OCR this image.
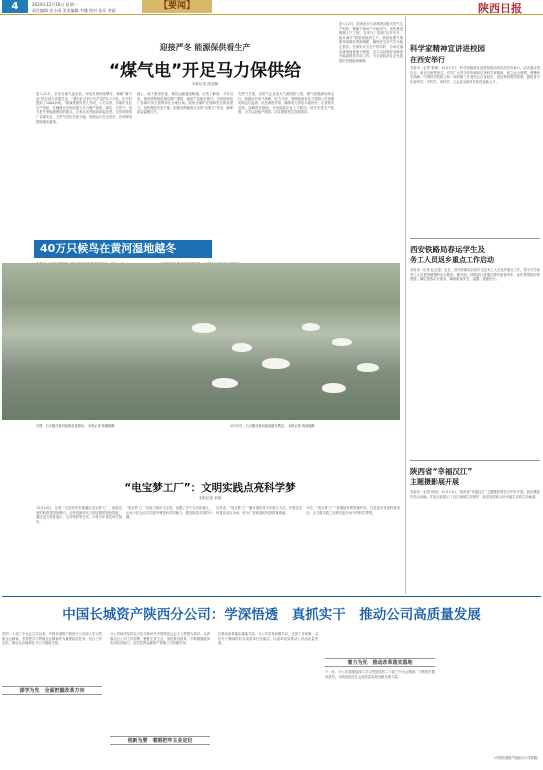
4	2024年12月16日 星期一
责任编辑 龙小雨 美术编辑 韦娜 校对 张乐 李丽	【要闻】	陕西日报
迎接严冬 能源保供看生产
“煤气电”开足马力保供给
本报记者 尚清楠
进入12月，全省各地气温走低，用电负荷持续攀升，保障“煤气电”供应成为首要任务。“我们矿目前日均产量约2.7万吨，比平时提高了1000余吨。”陕煤集团负责人介绍，入冬以来，各煤矿优化生产组织，在确保安全的前提下全力增产保供。煤炭、天然气、电力是冬季能源保供的重点。记者从省发展改革委获悉，全省统调电厂存煤充足，天然气供应总体平稳，电网运行安全有序，各项保供措施落实落细。
地上、地下紧密衔接，煤炭运输通道畅通。记者了解到，今年以来，我省统筹推进煤炭增产增供，煤炭产量稳步提升，全省统调电厂存煤可用天数保持在合理区间。陕西各煤矿在保障安全的前提下，加快释放先进产能，积极发挥能源大省的“压舱石”作用，确保群众温暖过冬。
天然气方面，各供气企业加大气源组织力度，储气设施满负荷运行，积极应对用气高峰。电力方面，国网陕西省电力有限公司加强电网运行监测，优化调度安排，确保电力供应平稳有序。记者采访发现，迎峰度冬期间，全省能源企业上下联动，科学安排生产检修，全力以赴稳产增供，切实保障民生用能需求。
进入12月，陕西延长石油集团加强天然气生产组织，保障下游用户平稳用气，加快推进增储上产工程，各采气厂按照“应开尽开、能开满开”的原则组织生产。陕西省燃气集团持续做好资源调配，确保民生用气安全稳定供应。在做好安全生产的同时，各单位落实落细值班值守制度，全力以赴做好迎峰度冬能源保供各项工作，为全省经济社会发展提供坚强能源保障。
40万只候鸟在黄河湿地越冬
右图：白天鹅在黄河湿地觅食嬉戏。 本报记者 郭娜楠摄	12月3日，白天鹅在黄河湿地越冬栖息。 本报记者 尚清楠摄
“电宝梦工厂”：文明实践点亮科学梦
本报记者 刘涛
12月10日，记者一走进西安市莲湖区电宝梦工厂，就被这里的科普氛围所吸引。这里是新时代文明实践的特色阵地，通过电力科普展示、互动体验等方式，向青少年普及科学知识。
“电宝梦工厂”以电力知识为主线，设置了多个互动体验区，让孩子们在动手实践中感受科学的魅力，激发探索未知的兴趣。
近年来，“电宝梦工厂”累计接待青少年数万人次，开展各类科普活动百余场，成为广受欢迎的科普教育基地。
今后，“电宝梦工厂”将继续发挥阵地作用，打造更多优质科普项目，让文明实践之光照亮更多孩子的科学梦想。
科学家精神宣讲进校园
在西安举行
本报讯（记者 张峰）12月13日，科学家精神宣讲进校园活动在西安市举行。活动通过报告会、座谈交流等形式，引导广大青少年传承和弘扬科学家精神，树立远大理想，勇攀科学高峰。中国科学院院士和一线科研工作者结合自身经历，讲述科研报国故事，激励青少年爱科学、学科学、用科学，立志成为新时代科技创新人才。
西安铁路局春运学生及
务工人员返乡重点工作启动
本报讯（记者 赵志强）近日，西安铁路局启动学生及务工人员返乡重点工作，将为学生和务工人员提供便捷的出行服务。据介绍，铁路部门将通过增开临客列车、优化售票组织等措施，满足旅客出行需求，确保旅客安全、温馨、便捷出行。
陕西省“幸福汉江”
主题摄影展开展
本报讯（记者 杨凯）12月13日，陕西省“幸福汉江”主题摄影展在汉中市开展，展出摄影作品百余幅。作品全面展示了汉江流域生态保护、经济发展和人民幸福生活的生动画面。
中国长城资产陕西分公司：学深悟透　真抓实干　推动公司高质量发展
党的二十届三中全会召开以来，中国长城资产陕西分公司深入学习贯彻全会精神，坚持把学习贯彻全会精神作为重要政治任务，结合工作实际，推动全会精神在分公司落地生根。
深学为先　全面把握改革方向
分公司始终坚持以习近平新时代中国特色社会主义思想为指导，认真落实总公司工作部署，聚焦主责主业，加快推进改革，不断增强服务实体经济能力，切实发挥金融资产管理公司功能作用。
创新为要　着眼把牢主业定位
着力为先　推动改革落实落地
在推动改革落实落地方面，分公司坚持问题导向，完善工作机制，以钉钉子精神抓好各项改革任务落实，以改革成效推动公司高质量发展。
下一步，分公司将继续深入学习贯彻党的二十届三中全会精神，不断提升服务质效，为陕西经济社会高质量发展贡献长城力量。
（中国长城资产陕西分公司供稿）
